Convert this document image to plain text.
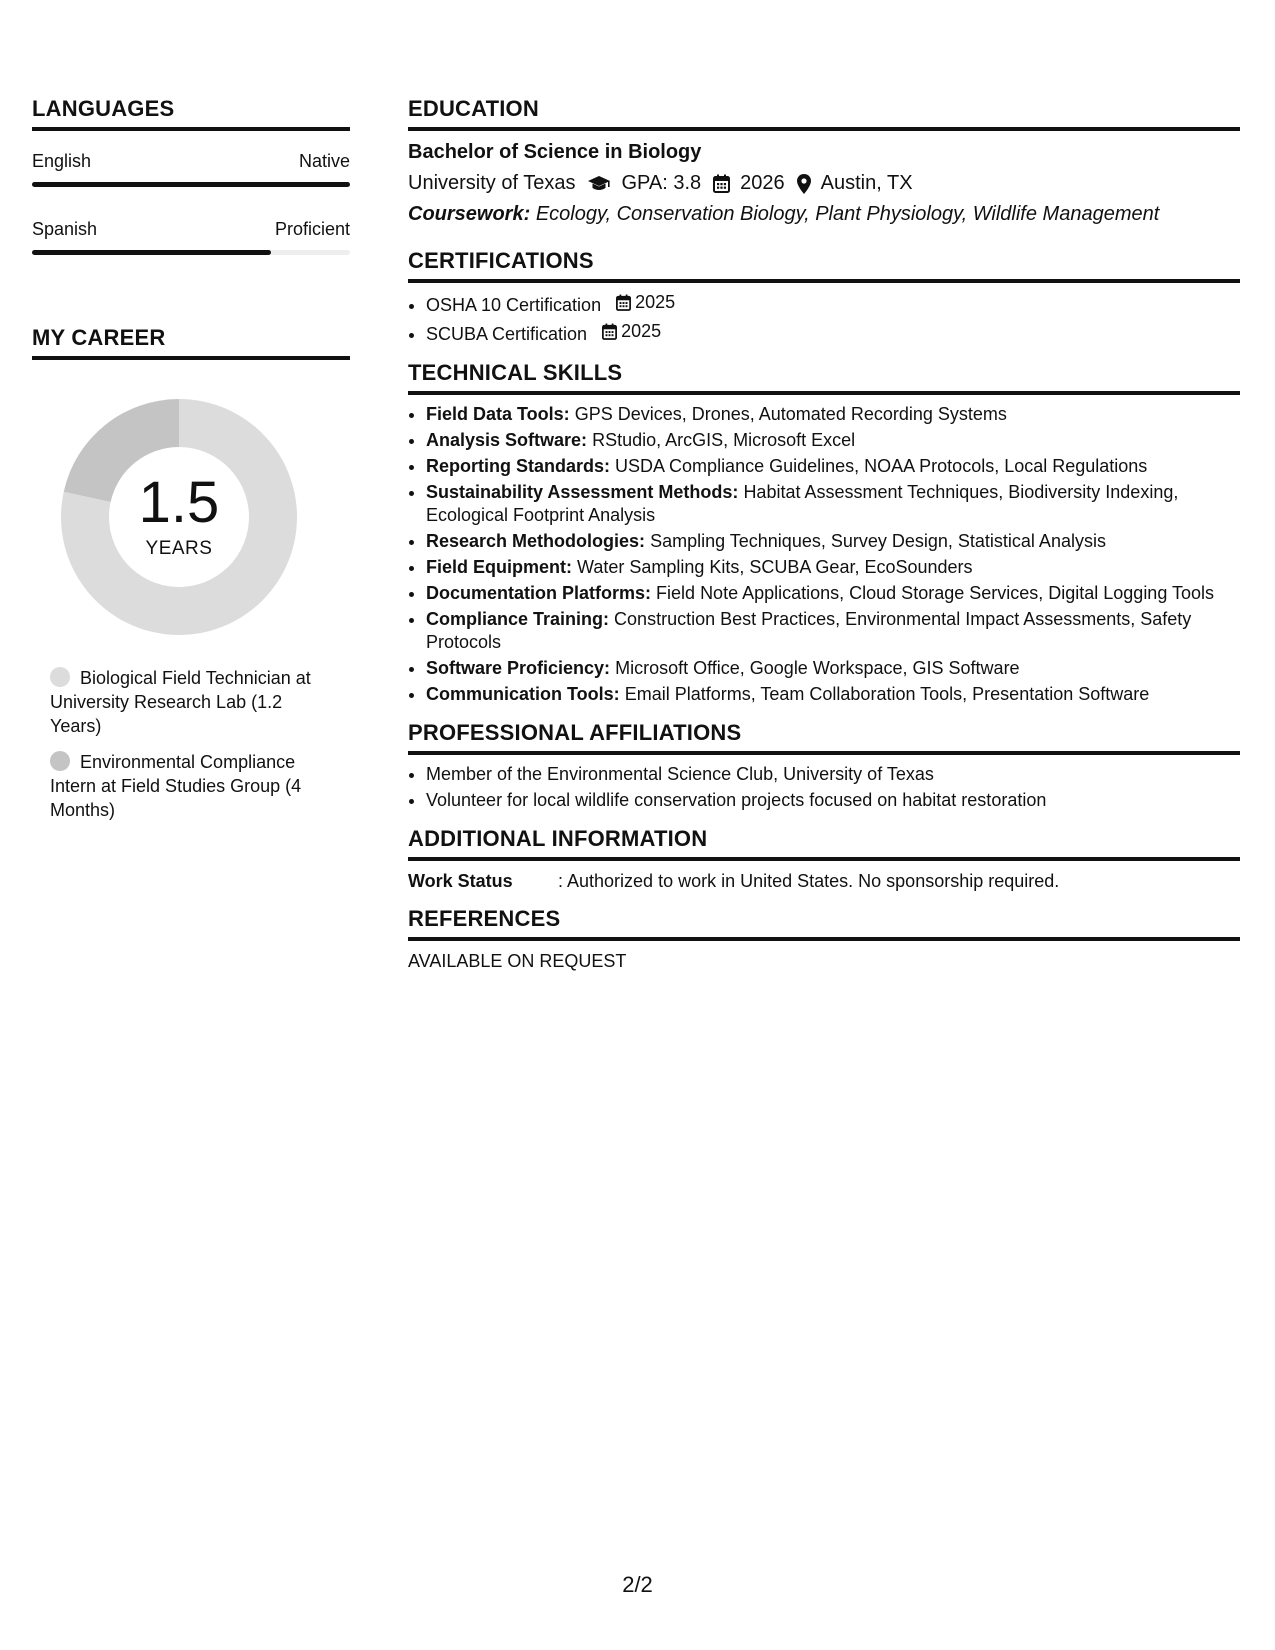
LANGUAGES
English	Native
Spanish	Proficient
MY CAREER
1.5
YEARS
Biological Field Technician at University Research Lab (1.2 Years)
Environmental Compliance Intern at Field Studies Group (4 Months)
EDUCATION
Bachelor of Science in Biology
University of Texas GPA: 3.8 2026 Austin, TX
Coursework: Ecology, Conservation Biology, Plant Physiology, Wildlife Management
CERTIFICATIONS
• OSHA 10 Certification 2025
• SCUBA Certification 2025
TECHNICAL SKILLS
• Field Data Tools: GPS Devices, Drones, Automated Recording Systems
• Analysis Software: RStudio, ArcGIS, Microsoft Excel
• Reporting Standards: USDA Compliance Guidelines, NOAA Protocols, Local Regulations
• Sustainability Assessment Methods: Habitat Assessment Techniques, Biodiversity Indexing, Ecological Footprint Analysis
• Research Methodologies: Sampling Techniques, Survey Design, Statistical Analysis
• Field Equipment: Water Sampling Kits, SCUBA Gear, EcoSounders
• Documentation Platforms: Field Note Applications, Cloud Storage Services, Digital Logging Tools
• Compliance Training: Construction Best Practices, Environmental Impact Assessments, Safety Protocols
• Software Proficiency: Microsoft Office, Google Workspace, GIS Software
• Communication Tools: Email Platforms, Team Collaboration Tools, Presentation Software
PROFESSIONAL AFFILIATIONS
• Member of the Environmental Science Club, University of Texas
• Volunteer for local wildlife conservation projects focused on habitat restoration
ADDITIONAL INFORMATION
Work Status	: Authorized to work in United States. No sponsorship required.
REFERENCES
AVAILABLE ON REQUEST
2/2
